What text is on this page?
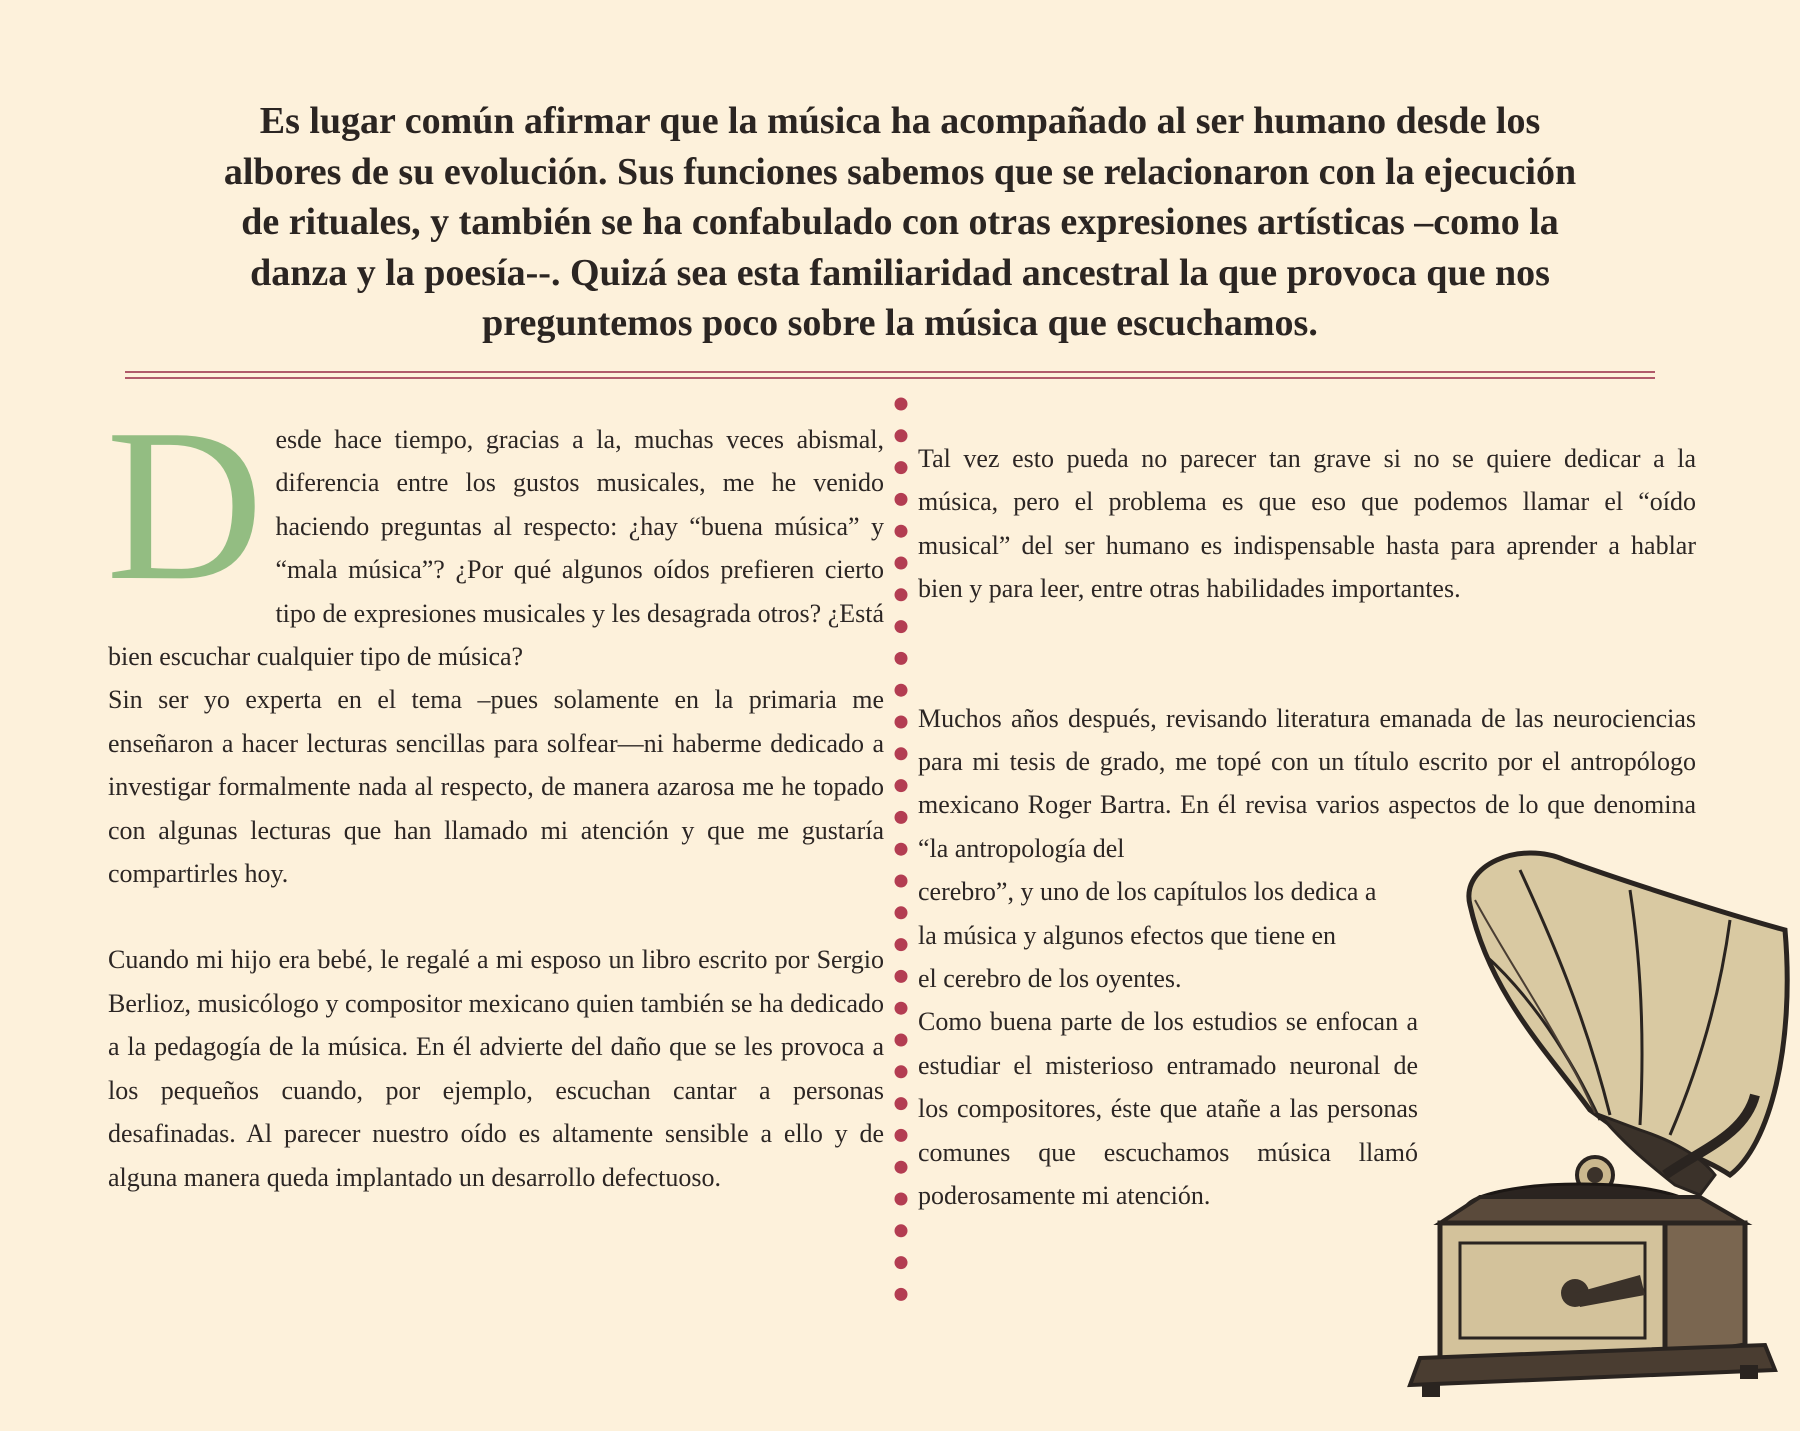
Es lugar común afirmar que la música ha acompañado al ser humano desde los
albores de su evolución. Sus funciones sabemos que se relacionaron con la ejecución
de rituales, y también se ha confabulado con otras expresiones artísticas –como la
danza y la poesía--. Quizá sea esta familiaridad ancestral la que provoca que nos
preguntemos poco sobre la música que escuchamos.
D esde hace tiempo, gracias a la, muchas veces abismal, diferencia entre los gustos musicales, me he venido haciendo preguntas al respecto: ¿hay “buena música” y “mala música”? ¿Por qué algunos oídos prefieren cierto tipo de expresiones musicales y les desagrada otros? ¿Está bien escuchar cualquier tipo de música?

Sin ser yo experta en el tema –pues solamente en la primaria me enseñaron a hacer lecturas sencillas para solfear—ni haberme dedicado a investigar formalmente nada al respecto, de manera azarosa me he topado con algunas lecturas que han llamado mi atención y que me gustaría compartirles hoy.

Cuando mi hijo era bebé, le regalé a mi esposo un libro escrito por Sergio Berlioz, musicólogo y compositor mexicano quien también se ha dedicado a la pedagogía de la música. En él advierte del daño que se les provoca a los pequeños cuando, por ejemplo, escuchan cantar a personas desafinadas. Al parecer nuestro oído es altamente sensible a ello y de alguna manera queda implantado un desarrollo defectuoso.

Tal vez esto pueda no parecer tan grave si no se quiere dedicar a la música, pero el problema es que eso que podemos llamar el “oído musical” del ser humano es indispensable hasta para aprender a hablar bien y para leer, entre otras habilidades importantes.

Muchos años después, revisando literatura emanada de las neurociencias para mi tesis de grado, me topé con un título escrito por el antropólogo mexicano Roger Bartra. En él revisa varios aspectos de lo que denomina “la antropología del

cerebro”, y uno de los capítulos los dedica a

la música y algunos efectos que tiene en

el cerebro de los oyentes.

Como buena parte de los estudios se enfocan a estudiar el misterioso entramado neuronal de los compositores, éste que atañe a las personas comunes que escuchamos música llamó poderosamente mi atención.
